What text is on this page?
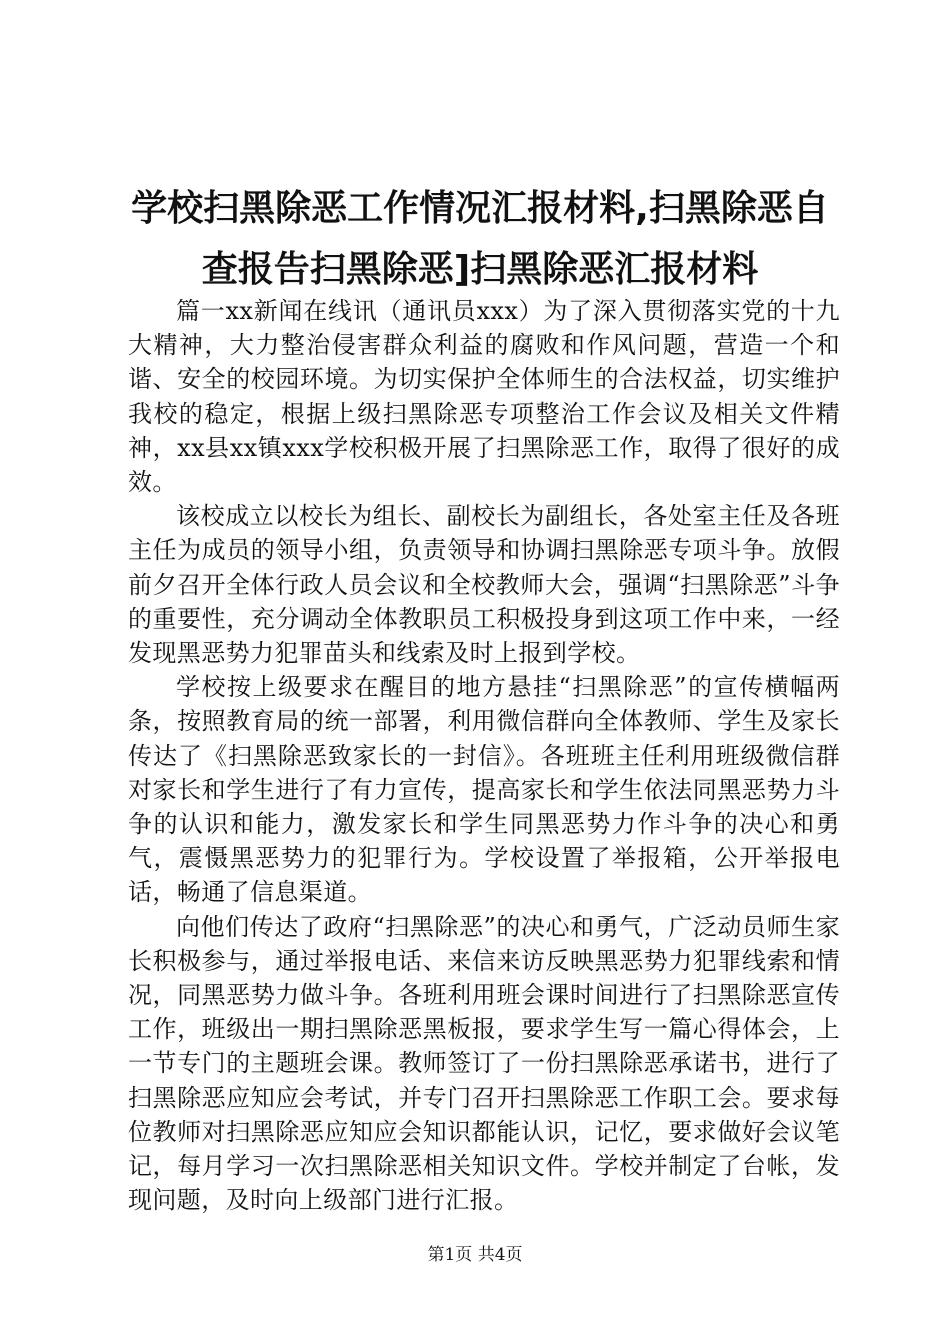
学校扫黑除恶工作情况汇报材料,扫黑除恶自
查报告扫黑除恶]扫黑除恶汇报材料

篇一xx新闻在线讯（通讯员xxx）为了深入贯彻落实党的十九大精神，大力整治侵害群众利益的腐败和作风问题，营造一个和谐、安全的校园环境。为切实保护全体师生的合法权益，切实维护我校的稳定，根据上级扫黑除恶专项整治工作会议及相关文件精神，xx县xx镇xxx学校积极开展了扫黑除恶工作，取得了很好的成效。

该校成立以校长为组长、副校长为副组长，各处室主任及各班主任为成员的领导小组，负责领导和协调扫黑除恶专项斗争。放假前夕召开全体行政人员会议和全校教师大会，强调“扫黑除恶”斗争的重要性，充分调动全体教职员工积极投身到这项工作中来，一经发现黑恶势力犯罪苗头和线索及时上报到学校。

学校按上级要求在醒目的地方悬挂“扫黑除恶”的宣传横幅两条，按照教育局的统一部署，利用微信群向全体教师、学生及家长传达了《扫黑除恶致家长的一封信》。各班班主任利用班级微信群对家长和学生进行了有力宣传，提高家长和学生依法同黑恶势力斗争的认识和能力，激发家长和学生同黑恶势力作斗争的决心和勇气，震慑黑恶势力的犯罪行为。学校设置了举报箱，公开举报电话，畅通了信息渠道。

向他们传达了政府“扫黑除恶”的决心和勇气，广泛动员师生家长积极参与，通过举报电话、来信来访反映黑恶势力犯罪线索和情况，同黑恶势力做斗争。各班利用班会课时间进行了扫黑除恶宣传工作，班级出一期扫黑除恶黑板报，要求学生写一篇心得体会，上一节专门的主题班会课。教师签订了一份扫黑除恶承诺书，进行了扫黑除恶应知应会考试，并专门召开扫黑除恶工作职工会。要求每位教师对扫黑除恶应知应会知识都能认识，记忆，要求做好会议笔记，每月学习一次扫黑除恶相关知识文件。学校并制定了台帐，发现问题，及时向上级部门进行汇报。

第1页 共4页
